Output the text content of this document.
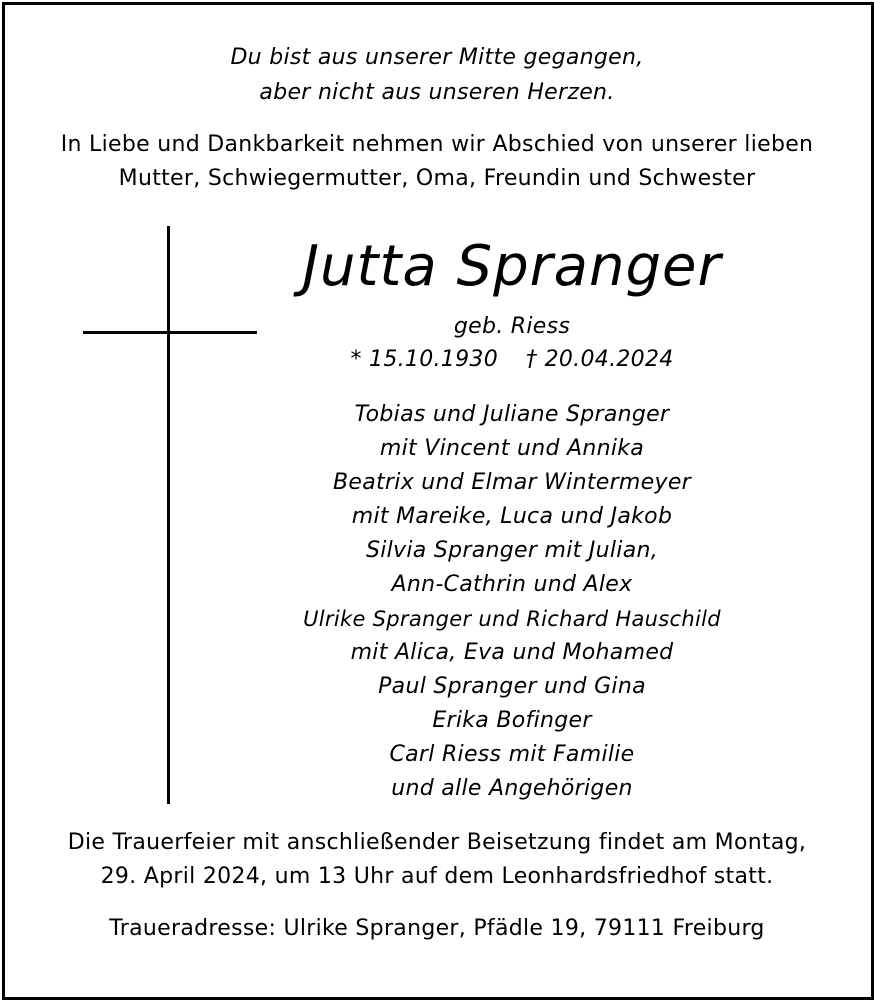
Du bist aus unserer Mitte gegangen,
aber nicht aus unseren Herzen.
In Liebe und Dankbarkeit nehmen wir Abschied von unserer lieben
Mutter, Schwiegermutter, Oma, Freundin und Schwester
Jutta Spranger
geb. Riess
* 15.10.1930 † 20.04.2024
Tobias und Juliane Spranger
mit Vincent und Annika
Beatrix und Elmar Wintermeyer
mit Mareike, Luca und Jakob
Silvia Spranger mit Julian,
Ann-Cathrin und Alex
Ulrike Spranger und Richard Hauschild
mit Alica, Eva und Mohamed
Paul Spranger und Gina
Erika Bofinger
Carl Riess mit Familie
und alle Angehörigen
Die Trauerfeier mit anschließender Beisetzung findet am Montag,
29. April 2024, um 13 Uhr auf dem Leonhardsfriedhof statt.
Traueradresse: Ulrike Spranger, Pfädle 19, 79111 Freiburg
